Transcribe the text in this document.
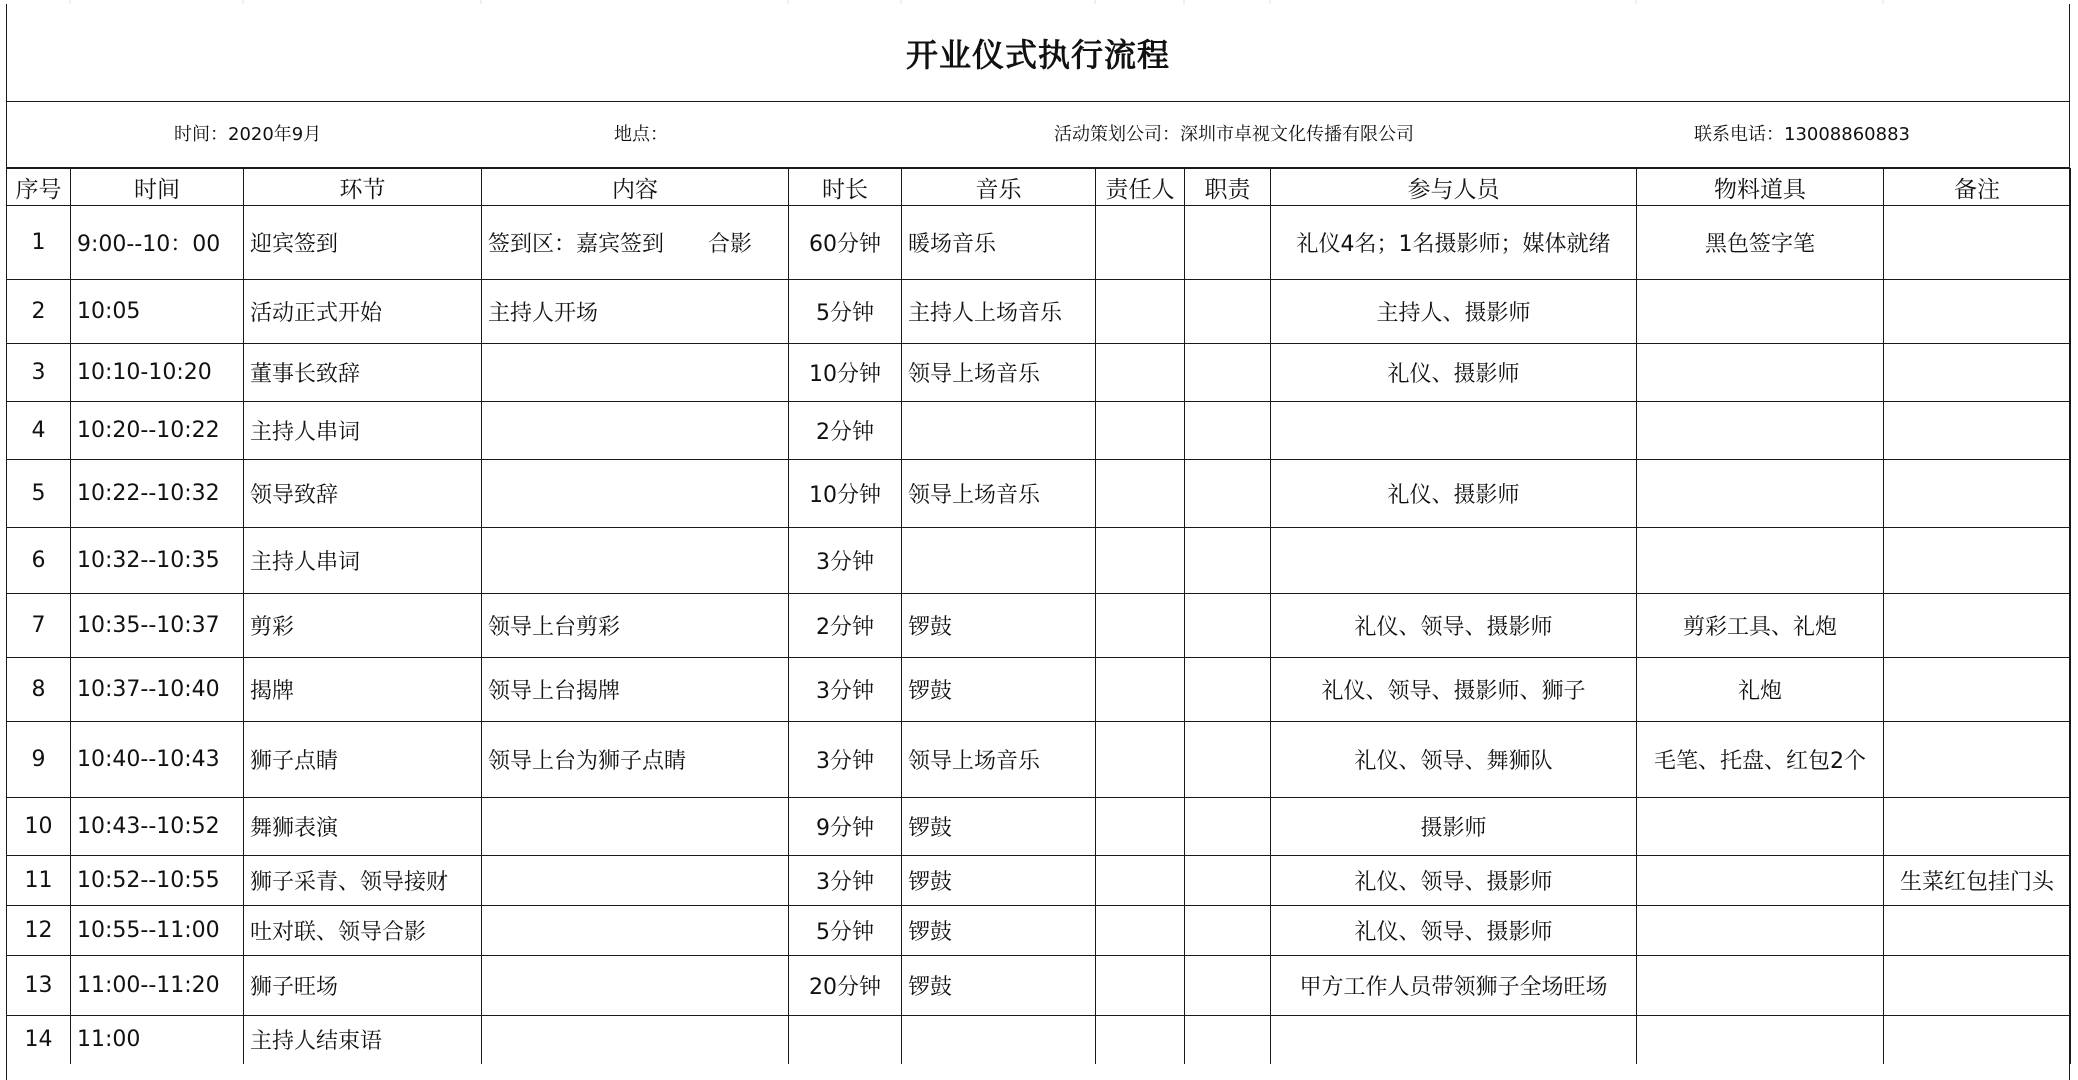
开业仪式执行流程
时间：2020年9月	地点：	活动策划公司：深圳市卓视文化传播有限公司	联系电话：13008860883
序号	时间	环节	内容	时长	音乐	责任人	职责	参与人员	物料道具	备注
1	9:00--10：00	迎宾签到	签到区：嘉宾签到　　合影	60分钟	暖场音乐			礼仪4名；1名摄影师；媒体就绪	黑色签字笔	
2	10:05	活动正式开始	主持人开场	5分钟	主持人上场音乐			主持人、摄影师		
3	10:10-10:20	董事长致辞		10分钟	领导上场音乐			礼仪、摄影师		
4	10:20--10:22	主持人串词		2分钟						
5	10:22--10:32	领导致辞		10分钟	领导上场音乐			礼仪、摄影师		
6	10:32--10:35	主持人串词		3分钟						
7	10:35--10:37	剪彩	领导上台剪彩	2分钟	锣鼓			礼仪、领导、摄影师	剪彩工具、礼炮	
8	10:37--10:40	揭牌	领导上台揭牌	3分钟	锣鼓			礼仪、领导、摄影师、狮子	礼炮	
9	10:40--10:43	狮子点睛	领导上台为狮子点睛	3分钟	领导上场音乐			礼仪、领导、舞狮队	毛笔、托盘、红包2个	
10	10:43--10:52	舞狮表演		9分钟	锣鼓			摄影师		
11	10:52--10:55	狮子采青、领导接财		3分钟	锣鼓			礼仪、领导、摄影师		生菜红包挂门头
12	10:55--11:00	吐对联、领导合影		5分钟	锣鼓			礼仪、领导、摄影师		
13	11:00--11:20	狮子旺场		20分钟	锣鼓			甲方工作人员带领狮子全场旺场		
14	11:00	主持人结束语								
